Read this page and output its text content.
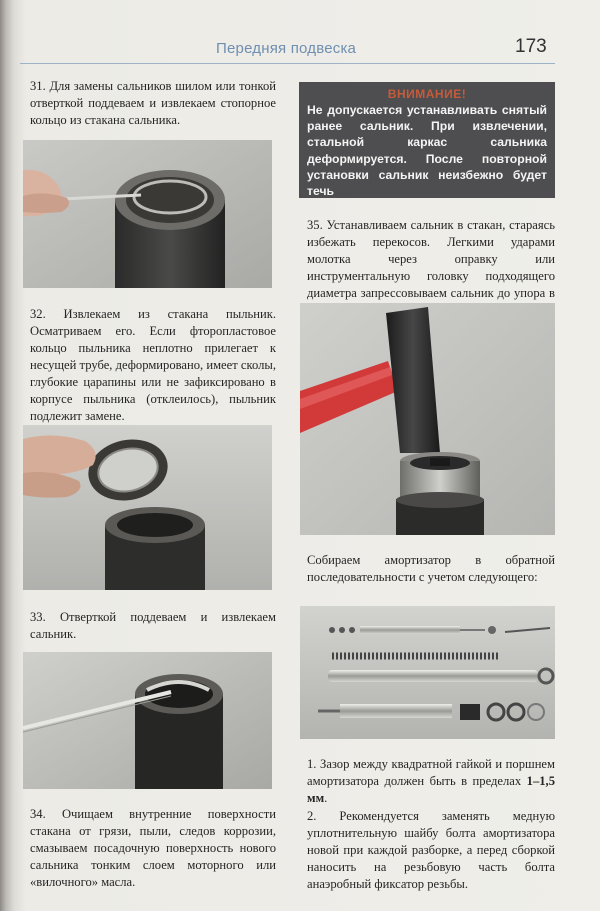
Передняя подвеска	173

31. Для замены сальников шилом или тонкой отверткой поддеваем и извлекаем стопорное кольцо из стакана сальника.

32. Извлекаем из стакана пыльник. Осматриваем его. Если фторопластовое кольцо пыльника неплотно прилегает к несущей трубе, деформировано, имеет сколы, глубокие царапины или не зафиксировано в корпусе пыльника (отклеилось), пыльник подлежит замене.

33. Отверткой поддеваем и извлекаем сальник.

34. Очищаем внутренние поверхности стакана от грязи, пыли, следов коррозии, смазываем посадочную поверхность нового сальника тонким слоем моторного или «вилочного» масла.

ВНИМАНИЕ!
Не допускается устанавливать снятый ранее сальник. При извлечении, стальной каркас сальника деформируется. После повторной установки сальник неизбежно будет течь

35. Устанавливаем сальник в стакан, стараясь избежать перекосов. Легкими ударами молотка через оправку или инструментальную головку подходящего диаметра запрессовываем сальник до упора в

Собираем амортизатор в обратной последовательности с учетом следующего:

1. Зазор между квадратной гайкой и поршнем амортизатора должен быть в пределах 1–1,5 мм.

2. Рекомендуется заменять медную уплотнительную шайбу болта амортизатора новой при каждой разборке, а перед сборкой наносить на резьбовую часть болта анаэробный фиксатор резьбы.
